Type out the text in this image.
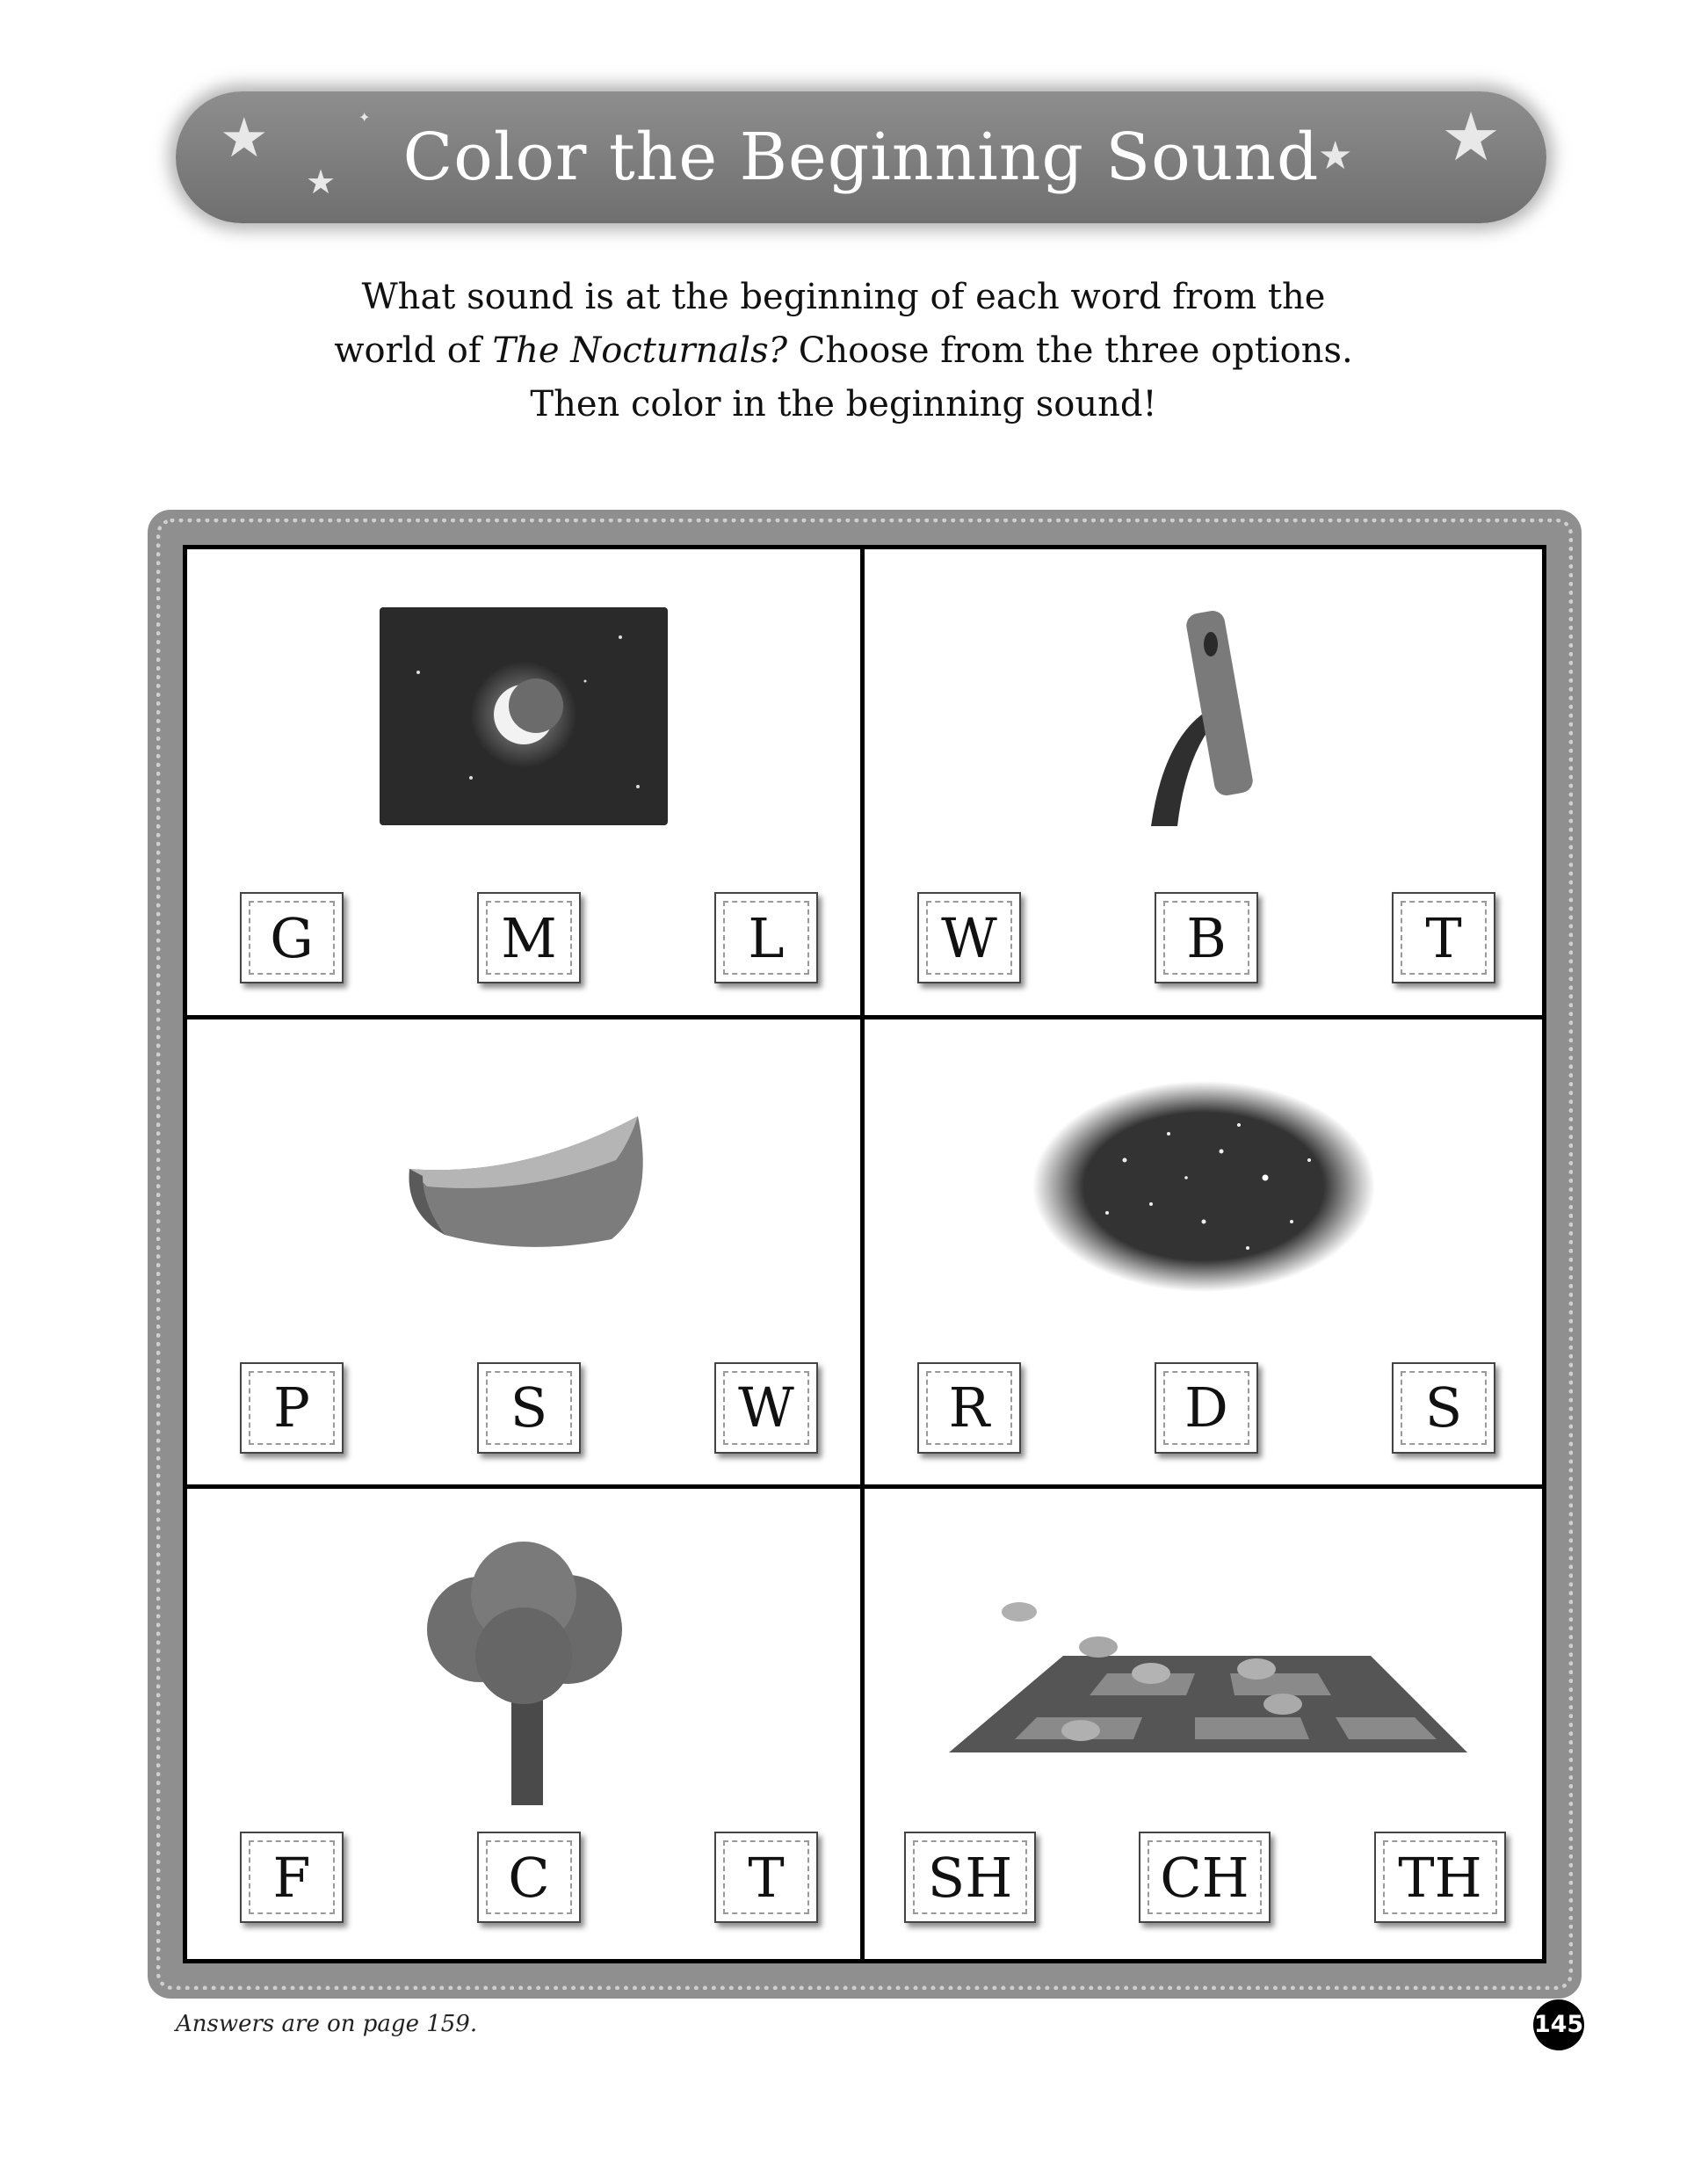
★
★
✦
★ ★
Color the Beginning Sound

What sound is at the beginning of each word from the

world of The Nocturnals? Choose from the three options.

Then color in the beginning sound!

G	M	L	W	B	T
P	S	W	R	D	S
F	C	T	SH	CH	TH
Answers are on page 159.	145
